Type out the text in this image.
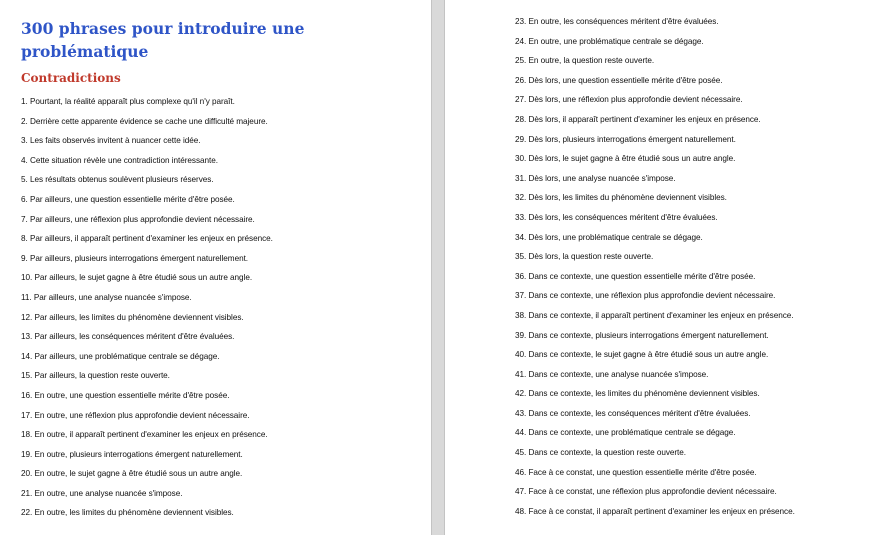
300 phrases pour introduire une problématique
Contradictions
1. Pourtant, la réalité apparaît plus complexe qu'il n'y paraît.
2. Derrière cette apparente évidence se cache une difficulté majeure.
3. Les faits observés invitent à nuancer cette idée.
4. Cette situation révèle une contradiction intéressante.
5. Les résultats obtenus soulèvent plusieurs réserves.
6. Par ailleurs, une question essentielle mérite d'être posée.
7. Par ailleurs, une réflexion plus approfondie devient nécessaire.
8. Par ailleurs, il apparaît pertinent d'examiner les enjeux en présence.
9. Par ailleurs, plusieurs interrogations émergent naturellement.
10. Par ailleurs, le sujet gagne à être étudié sous un autre angle.
11. Par ailleurs, une analyse nuancée s'impose.
12. Par ailleurs, les limites du phénomène deviennent visibles.
13. Par ailleurs, les conséquences méritent d'être évaluées.
14. Par ailleurs, une problématique centrale se dégage.
15. Par ailleurs, la question reste ouverte.
16. En outre, une question essentielle mérite d'être posée.
17. En outre, une réflexion plus approfondie devient nécessaire.
18. En outre, il apparaît pertinent d'examiner les enjeux en présence.
19. En outre, plusieurs interrogations émergent naturellement.
20. En outre, le sujet gagne à être étudié sous un autre angle.
21. En outre, une analyse nuancée s'impose.
22. En outre, les limites du phénomène deviennent visibles.
23. En outre, les conséquences méritent d'être évaluées.
24. En outre, une problématique centrale se dégage.
25. En outre, la question reste ouverte.
26. Dès lors, une question essentielle mérite d'être posée.
27. Dès lors, une réflexion plus approfondie devient nécessaire.
28. Dès lors, il apparaît pertinent d'examiner les enjeux en présence.
29. Dès lors, plusieurs interrogations émergent naturellement.
30. Dès lors, le sujet gagne à être étudié sous un autre angle.
31. Dès lors, une analyse nuancée s'impose.
32. Dès lors, les limites du phénomène deviennent visibles.
33. Dès lors, les conséquences méritent d'être évaluées.
34. Dès lors, une problématique centrale se dégage.
35. Dès lors, la question reste ouverte.
36. Dans ce contexte, une question essentielle mérite d'être posée.
37. Dans ce contexte, une réflexion plus approfondie devient nécessaire.
38. Dans ce contexte, il apparaît pertinent d'examiner les enjeux en présence.
39. Dans ce contexte, plusieurs interrogations émergent naturellement.
40. Dans ce contexte, le sujet gagne à être étudié sous un autre angle.
41. Dans ce contexte, une analyse nuancée s'impose.
42. Dans ce contexte, les limites du phénomène deviennent visibles.
43. Dans ce contexte, les conséquences méritent d'être évaluées.
44. Dans ce contexte, une problématique centrale se dégage.
45. Dans ce contexte, la question reste ouverte.
46. Face à ce constat, une question essentielle mérite d'être posée.
47. Face à ce constat, une réflexion plus approfondie devient nécessaire.
48. Face à ce constat, il apparaît pertinent d'examiner les enjeux en présence.
